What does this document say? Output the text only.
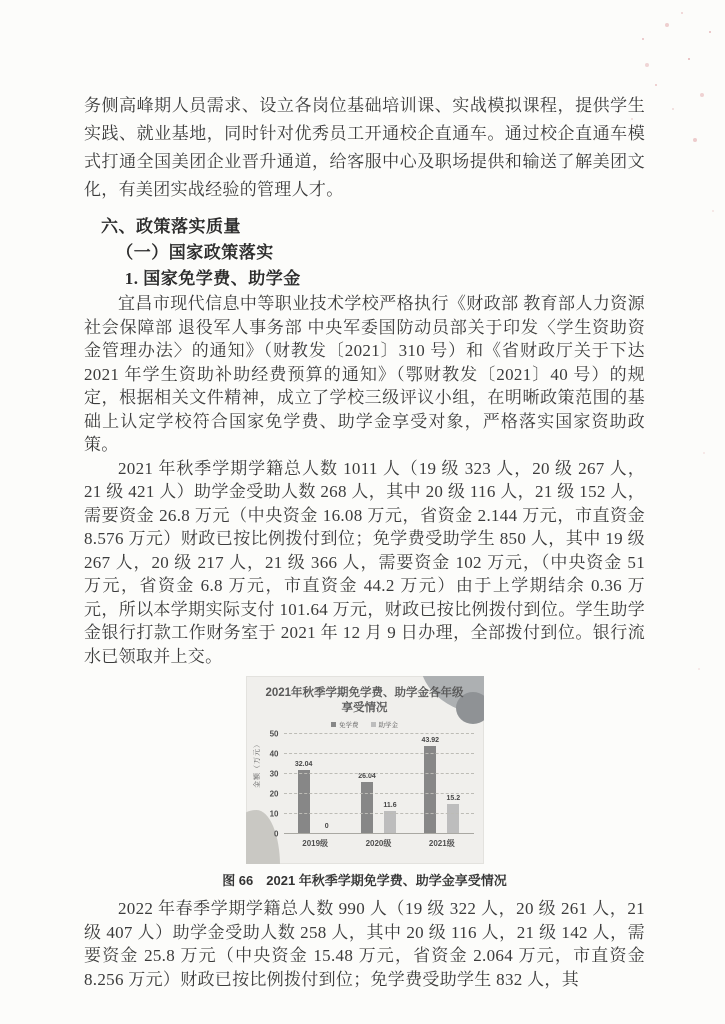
务侧高峰期人员需求、设立各岗位基础培训课、实战模拟课程，提供学生实践、就业基地，同时针对优秀员工开通校企直通车。通过校企直通车模式打通全国美团企业晋升通道，给客服中心及职场提供和输送了解美团文化，有美团实战经验的管理人才。

六、政策落实质量
（一）国家政策落实
1. 国家免学费、助学金

宜昌市现代信息中等职业技术学校严格执行《财政部 教育部人力资源社会保障部 退役军人事务部 中央军委国防动员部关于印发〈学生资助资金管理办法〉的通知》（财教发〔2021〕310 号）和《省财政厅关于下达 2021 年学生资助补助经费预算的通知》（鄂财教发〔2021〕40 号）的规定，根据相关文件精神，成立了学校三级评议小组，在明晰政策范围的基础上认定学校符合国家免学费、助学金享受对象，严格落实国家资助政策。

2021 年秋季学期学籍总人数 1011 人（19 级 323 人，20 级 267 人，21 级 421 人）助学金受助人数 268 人，其中 20 级 116 人，21 级 152 人，需要资金 26.8 万元（中央资金 16.08 万元，省资金 2.144 万元，市直资金 8.576 万元）财政已按比例拨付到位；免学费受助学生 850 人，其中 19 级 267 人，20 级 217 人，21 级 366 人，需要资金 102 万元，（中央资金 51 万元，省资金 6.8 万元，市直资金 44.2 万元）由于上学期结余 0.36 万元，所以本学期实际支付 101.64 万元，财政已按比例拨付到位。学生助学金银行打款工作财务室于 2021 年 12 月 9 日办理，全部拨付到位。银行流水已领取并上交。

2021年秋季学期免学费、助学金各年级享受情况
免学费	助学金
金额（万元）	32.04
0
2019级
26.04
11.6
2020级
43.92
15.2
2021级
0
10
20
30
40
50
图 66　2021 年秋季学期免学费、助学金享受情况

2022 年春季学期学籍总人数 990 人（19 级 322 人，20 级 261 人，21 级 407 人）助学金受助人数 258 人，其中 20 级 116 人，21 级 142 人，需要资金 25.8 万元（中央资金 15.48 万元，省资金 2.064 万元，市直资金 8.256 万元）财政已按比例拨付到位；免学费受助学生 832 人，其
